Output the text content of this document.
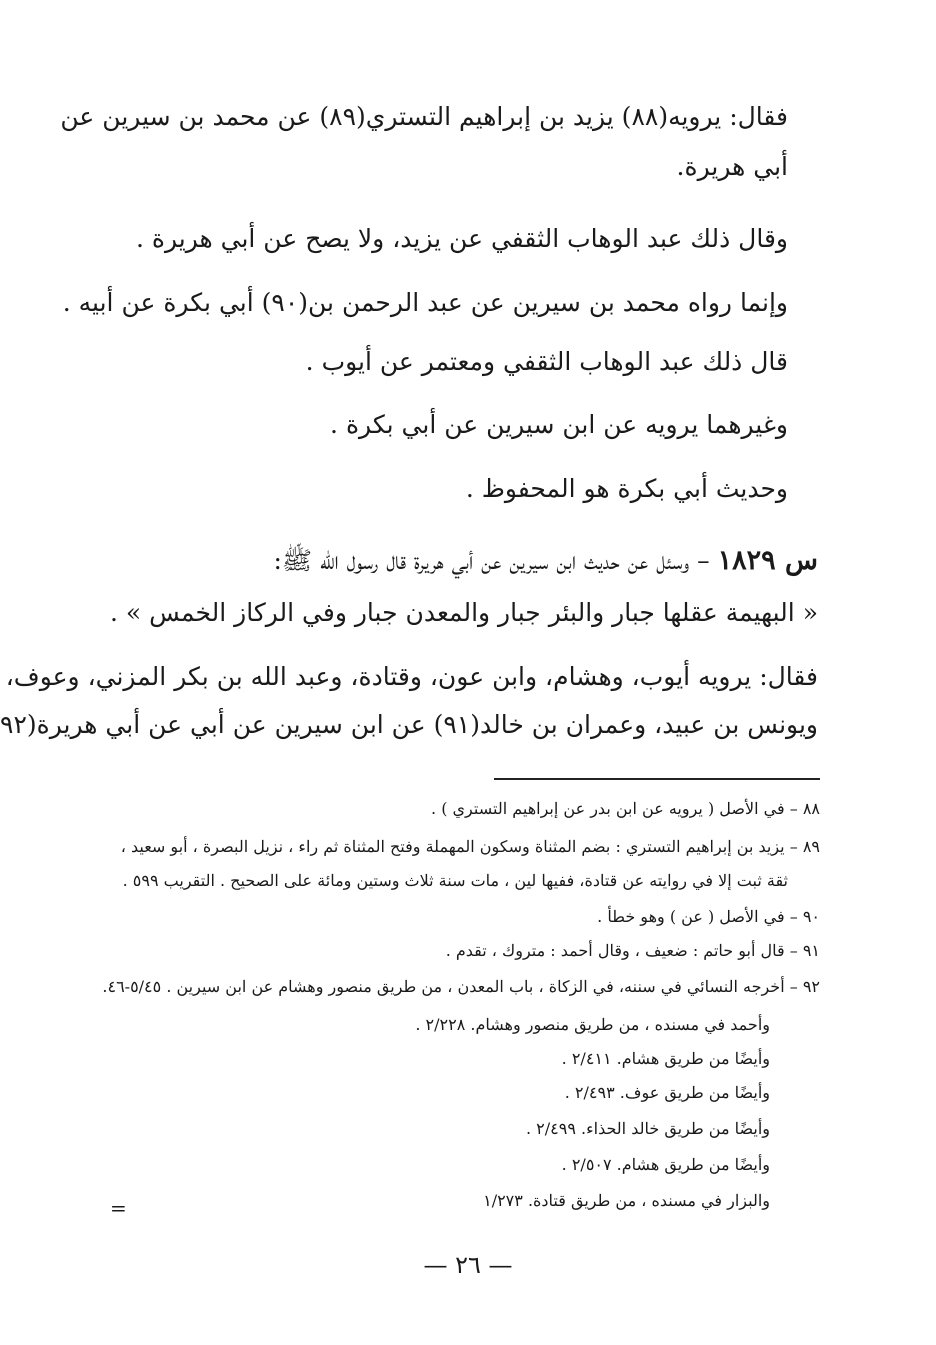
فقال: يرويه(٨٨) يزيد بن إبراهيم التستري(٨٩) عن محمد بن سيرين عن
أبي هريرة.
وقال ذلك عبد الوهاب الثقفي عن يزيد، ولا يصح عن أبي هريرة .
وإنما رواه محمد بن سيرين عن عبد الرحمن بن(٩٠) أبي بكرة عن أبيه .
قال ذلك عبد الوهاب الثقفي ومعتمر عن أيوب .
وغيرهما يرويه عن ابن سيرين عن أبي بكرة .
وحديث أبي بكرة هو المحفوظ .
س ١٨٢٩ – وسئل عن حديث ابن سيرين عن أبي هريرة قال رسول الله ﷺ:
« البهيمة عقلها جبار والبئر جبار والمعدن جبار وفي الركاز الخمس » .
فقال: يرويه أيوب، وهشام، وابن عون، وقتادة، وعبد الله بن بكر المزني، وعوف،
ويونس بن عبيد، وعمران بن خالد(٩١) عن ابن سيرين عن أبي عن أبي هريرة(٩٢
٨٨ – في الأصل ( يرويه عن ابن بدر عن إبراهيم التستري ) .
٨٩ – يزيد بن إبراهيم التستري : بضم المثناة وسكون المهملة وفتح المثناة ثم راء ، نزيل البصرة ، أبو سعيد ،
ثقة ثبت إلا في روايته عن قتادة، ففيها لين ، مات سنة ثلاث وستين ومائة على الصحيح . التقريب ٥٩٩ .
٩٠ – في الأصل ( عن ) وهو خطأ .
٩١ – قال أبو حاتم : ضعيف ، وقال أحمد : متروك ، تقدم .
٩٢ – أخرجه النسائي في سننه، في الزكاة ، باب المعدن ، من طريق منصور وهشام عن ابن سيرين . ٥/٤٥-٤٦.
وأحمد في مسنده ، من طريق منصور وهشام. ٢/٢٢٨ .
وأيضًا من طريق هشام. ٢/٤١١ .
وأيضًا من طريق عوف. ٢/٤٩٣ .
وأيضًا من طريق خالد الحذاء. ٢/٤٩٩ .
وأيضًا من طريق هشام. ٢/٥٠٧ .
والبزار في مسنده ، من طريق قتادة. ١/٢٧٣
=
— ٢٦ —
